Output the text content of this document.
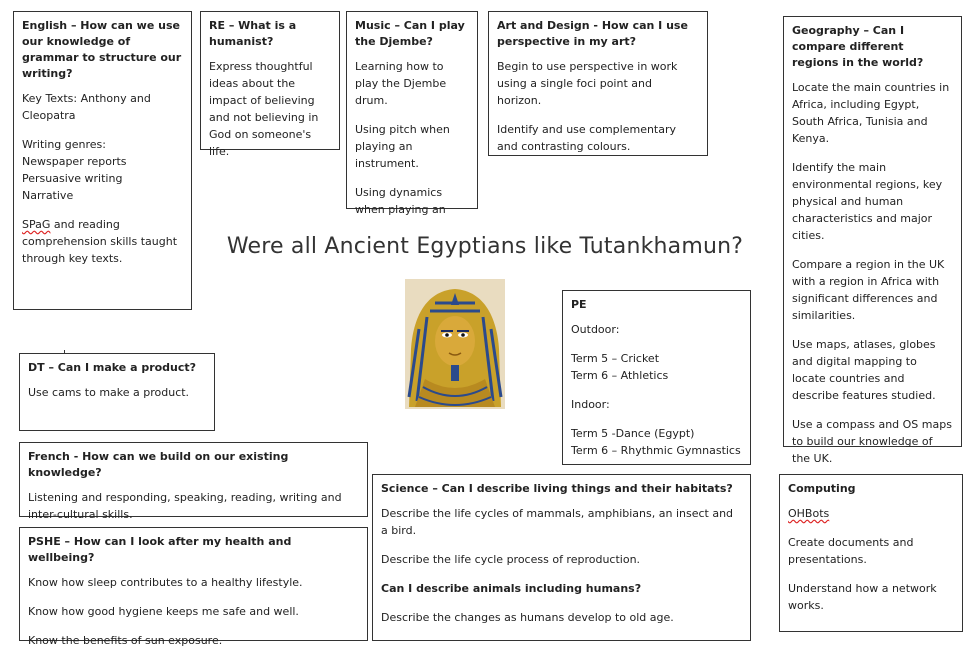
English – How can we use our knowledge of grammar to structure our writing?

Key Texts: Anthony and Cleopatra

Writing genres:
Newspaper reports
Persuasive writing
Narrative

SPaG and reading comprehension skills taught through key texts.

RE – What is a humanist?

Express thoughtful ideas about the impact of believing and not believing in God on someone's life.

Music – Can I play the Djembe?

Learning how to play the Djembe drum.

Using pitch when playing an instrument.

Using dynamics when playing an

Art and Design - How can I use perspective in my art?

Begin to use perspective in work using a single foci point and horizon.

Identify and use complementary and contrasting colours.

Geography – Can I compare different regions in the world?

Locate the main countries in Africa, including Egypt, South Africa, Tunisia and Kenya.

Identify the main environmental regions, key physical and human characteristics and major cities.

Compare a region in the UK with a region in Africa with significant differences and similarities.

Use maps, atlases, globes and digital mapping to locate countries and describe features studied.

Use a compass and OS maps to build our knowledge of the UK.

Were all Ancient Egyptians like Tutankhamun?
PE

Outdoor:

Term 5 – Cricket
Term 6 – Athletics

Indoor:

Term 5 -Dance (Egypt)
Term 6 – Rhythmic Gymnastics

DT – Can I make a product?

Use cams to make a product.

French - How can we build on our existing knowledge?

Listening and responding, speaking, reading, writing and inter-cultural skills.

PSHE – How can I look after my health and wellbeing?

Know how sleep contributes to a healthy lifestyle.

Know how good hygiene keeps me safe and well.

Know the benefits of sun exposure.

Science – Can I describe living things and their habitats?

Describe the life cycles of mammals, amphibians, an insect and a bird.

Describe the life cycle process of reproduction.

Can I describe animals including humans?

Describe the changes as humans develop to old age.

Computing

OHBots

Create documents and presentations.

Understand how a network works.
